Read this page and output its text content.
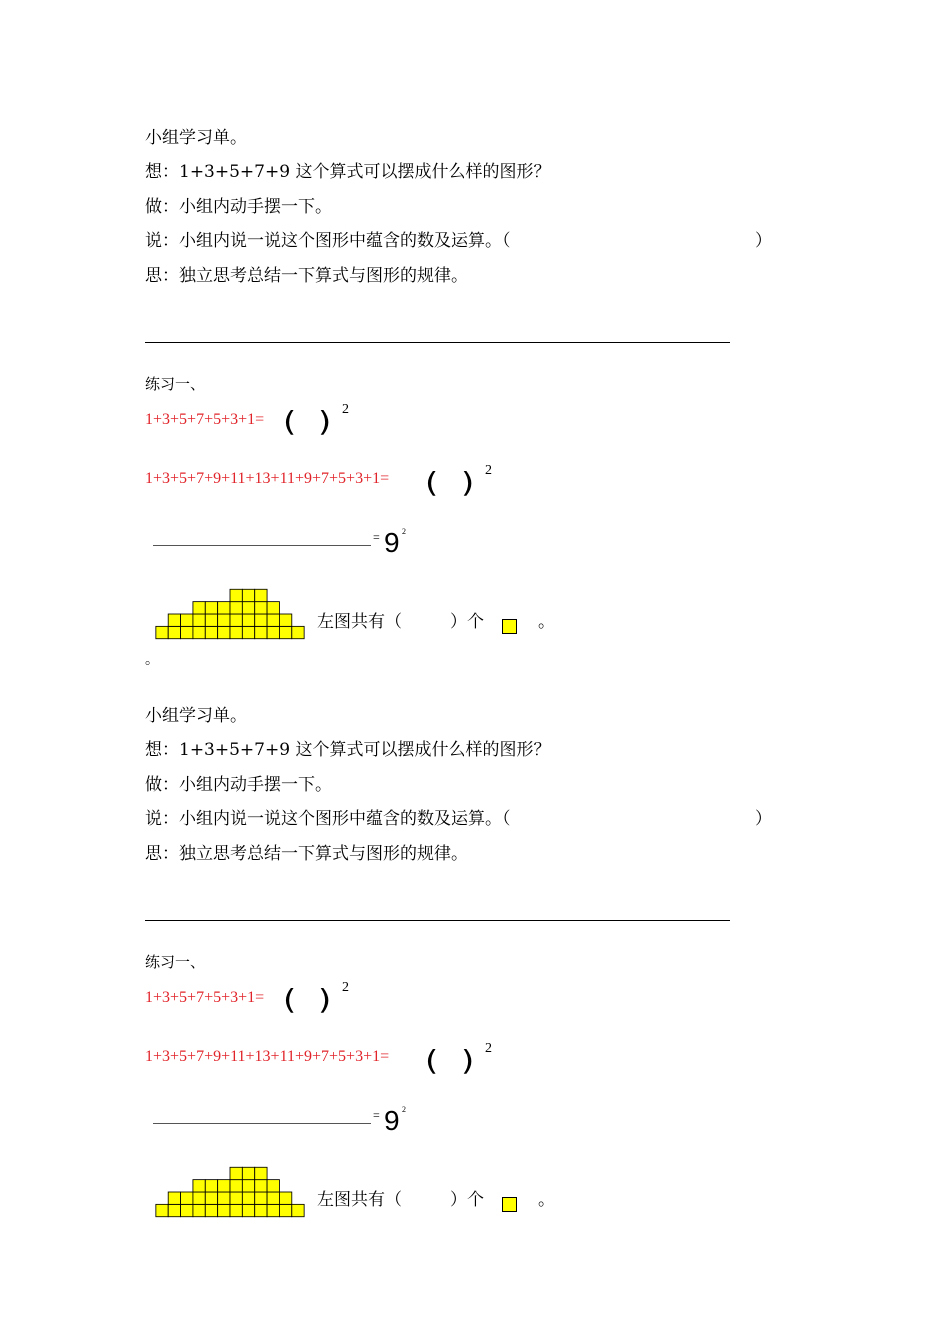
小组学习单。
想：1+3+5+7+9 这个算式可以摆成什么样的图形？
做：小组内动手摆一下。
说：小组内说一说这个图形中蕴含的数及运算。（	）
思：独立思考总结一下算式与图形的规律。
练习一、
1+3+5+7+5+3+1= ( ) 2
1+3+5+7+9+11+13+11+9+7+5+3+1= ( ) 2
= 9 2
左图共有（	）个	。
。
小组学习单。
想：1+3+5+7+9 这个算式可以摆成什么样的图形？
做：小组内动手摆一下。
说：小组内说一说这个图形中蕴含的数及运算。（	）
思：独立思考总结一下算式与图形的规律。
练习一、
1+3+5+7+5+3+1= ( ) 2
1+3+5+7+9+11+13+11+9+7+5+3+1= ( ) 2
= 9 2
左图共有（	）个	。
